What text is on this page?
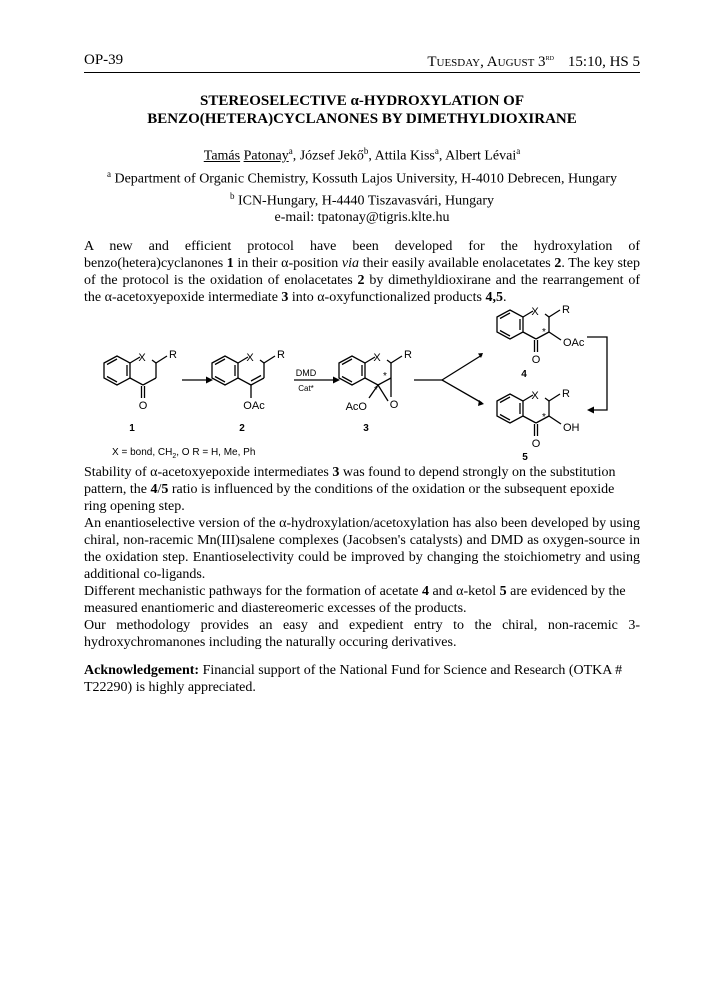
OP-39	Tuesday, August 3rd 15:10, HS 5
STEREOSELECTIVE α-HYDROXYLATION OF
BENZO(HETERA)CYCLANONES BY DIMETHYLDIOXIRANE
Tamás Patonay$^a$, József Jekő$^b$, Attila Kiss$^a$, Albert Lévai$^a$
$^a$ Department of Organic Chemistry, Kossuth Lajos University, H-4010 Debrecen, Hungary
$^b$ ICN-Hungary, H-4440 Tiszavasvári, Hungary
e-mail: tpatonay@tigris.klte.hu
A new and efficient protocol have been developed for the hydroxylation of benzo(hetera)cyclanones 1 in their α-position via their easily available enolacetates 2. The key step of the protocol is the oxidation of enolacetates 2 by dimethyldioxirane and the rearrangement of the α-acetoxyepoxide intermediate 3 into α-oxyfunctionalized products 4,5.
X R
O
1
X R
OAc
2
DMD
Cat*
X R
AcO O
*
*
3
X R
OAc
O
*
4
X R
OH
O
*
5
X = bond, $CH_2$, O R = H, Me, Ph
Stability of α-acetoxyepoxide intermediates 3 was found to depend strongly on the substitution pattern, the 4/5 ratio is influenced by the conditions of the oxidation or the subsequent epoxide ring opening step.
An enantioselective version of the α-hydroxylation/acetoxylation has also been developed by using chiral, non-racemic Mn(III)salene complexes (Jacobsen's catalysts) and DMD as oxygen-source in the oxidation step. Enantioselectivity could be improved by changing the stoichiometry and using additional co-ligands.
Different mechanistic pathways for the formation of acetate 4 and α-ketol 5 are evidenced by the measured enantiomeric and diastereomeric excesses of the products.
Our methodology provides an easy and expedient entry to the chiral, non-racemic 3-hydroxychromanones including the naturally occuring derivatives.
Acknowledgement: Financial support of the National Fund for Science and Research (OTKA # T22290) is highly appreciated.
